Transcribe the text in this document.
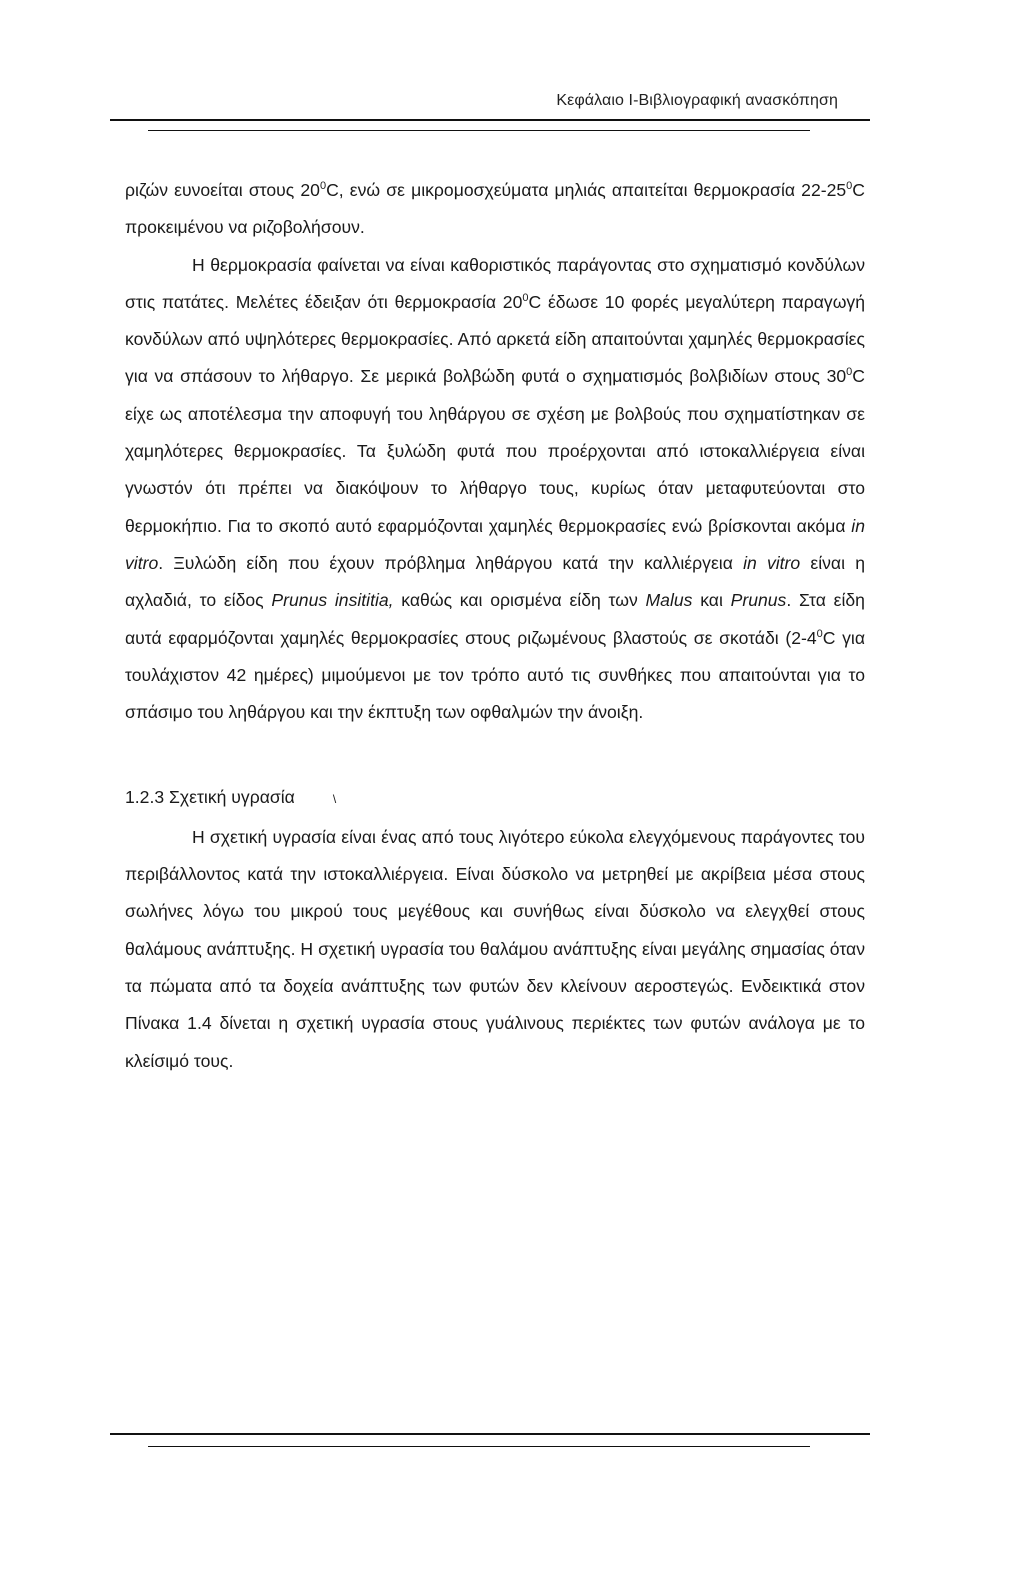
Κεφάλαιο Ι-Βιβλιογραφική ανασκόπηση

ριζών ευνοείται στους $20^0C$, ενώ σε μικρομοσχεύματα μηλιάς απαιτείται θερμοκρασία $22-25^0C$ προκειμένου να ριζοβολήσουν.

Η θερμοκρασία φαίνεται να είναι καθοριστικός παράγοντας στο σχηματισμό κονδύλων στις πατάτες. Μελέτες έδειξαν ότι θερμοκρασία $20^0C$ έδωσε 10 φορές μεγαλύτερη παραγωγή κονδύλων από υψηλότερες θερμοκρασίες. Από αρκετά είδη απαιτούνται χαμηλές θερμοκρασίες για να σπάσουν το λήθαργο. Σε μερικά βολβώδη φυτά ο σχηματισμός βολβιδίων στους $30^0C$ είχε ως αποτέλεσμα την αποφυγή του ληθάργου σε σχέση με βολβούς που σχηματίστηκαν σε χαμηλότερες θερμοκρασίες. Τα ξυλώδη φυτά που προέρχονται από ιστοκαλλιέργεια είναι γνωστόν ότι πρέπει να διακόψουν το λήθαργο τους, κυρίως όταν μεταφυτεύονται στο θερμοκήπιο. Για το σκοπό αυτό εφαρμόζονται χαμηλές θερμοκρασίες ενώ βρίσκονται ακόμα in vitro. Ξυλώδη είδη που έχουν πρόβλημα ληθάργου κατά την καλλιέργεια in vitro είναι η αχλαδιά, το είδος Prunus insititia, καθώς και ορισμένα είδη των Malus και Prunus. Στα είδη αυτά εφαρμόζονται χαμηλές θερμοκρασίες στους ριζωμένους βλαστούς σε σκοτάδι ($2-4^0C$ για τουλάχιστον 42 ημέρες) μιμούμενοι με τον τρόπο αυτό τις συνθήκες που απαιτούνται για το σπάσιμο του ληθάργου και την έκπτυξη των οφθαλμών την άνοιξη.

1.2.3 Σχετική υγρασία	\

Η σχετική υγρασία είναι ένας από τους λιγότερο εύκολα ελεγχόμενους παράγοντες του περιβάλλοντος κατά την ιστοκαλλιέργεια. Είναι δύσκολο να μετρηθεί με ακρίβεια μέσα στους σωλήνες λόγω του μικρού τους μεγέθους και συνήθως είναι δύσκολο να ελεγχθεί στους θαλάμους ανάπτυξης. Η σχετική υγρασία του θαλάμου ανάπτυξης είναι μεγάλης σημασίας όταν τα πώματα από τα δοχεία ανάπτυξης των φυτών δεν κλείνουν αεροστεγώς. Ενδεικτικά στον Πίνακα 1.4 δίνεται η σχετική υγρασία στους γυάλινους περιέκτες των φυτών ανάλογα με το κλείσιμό τους.
